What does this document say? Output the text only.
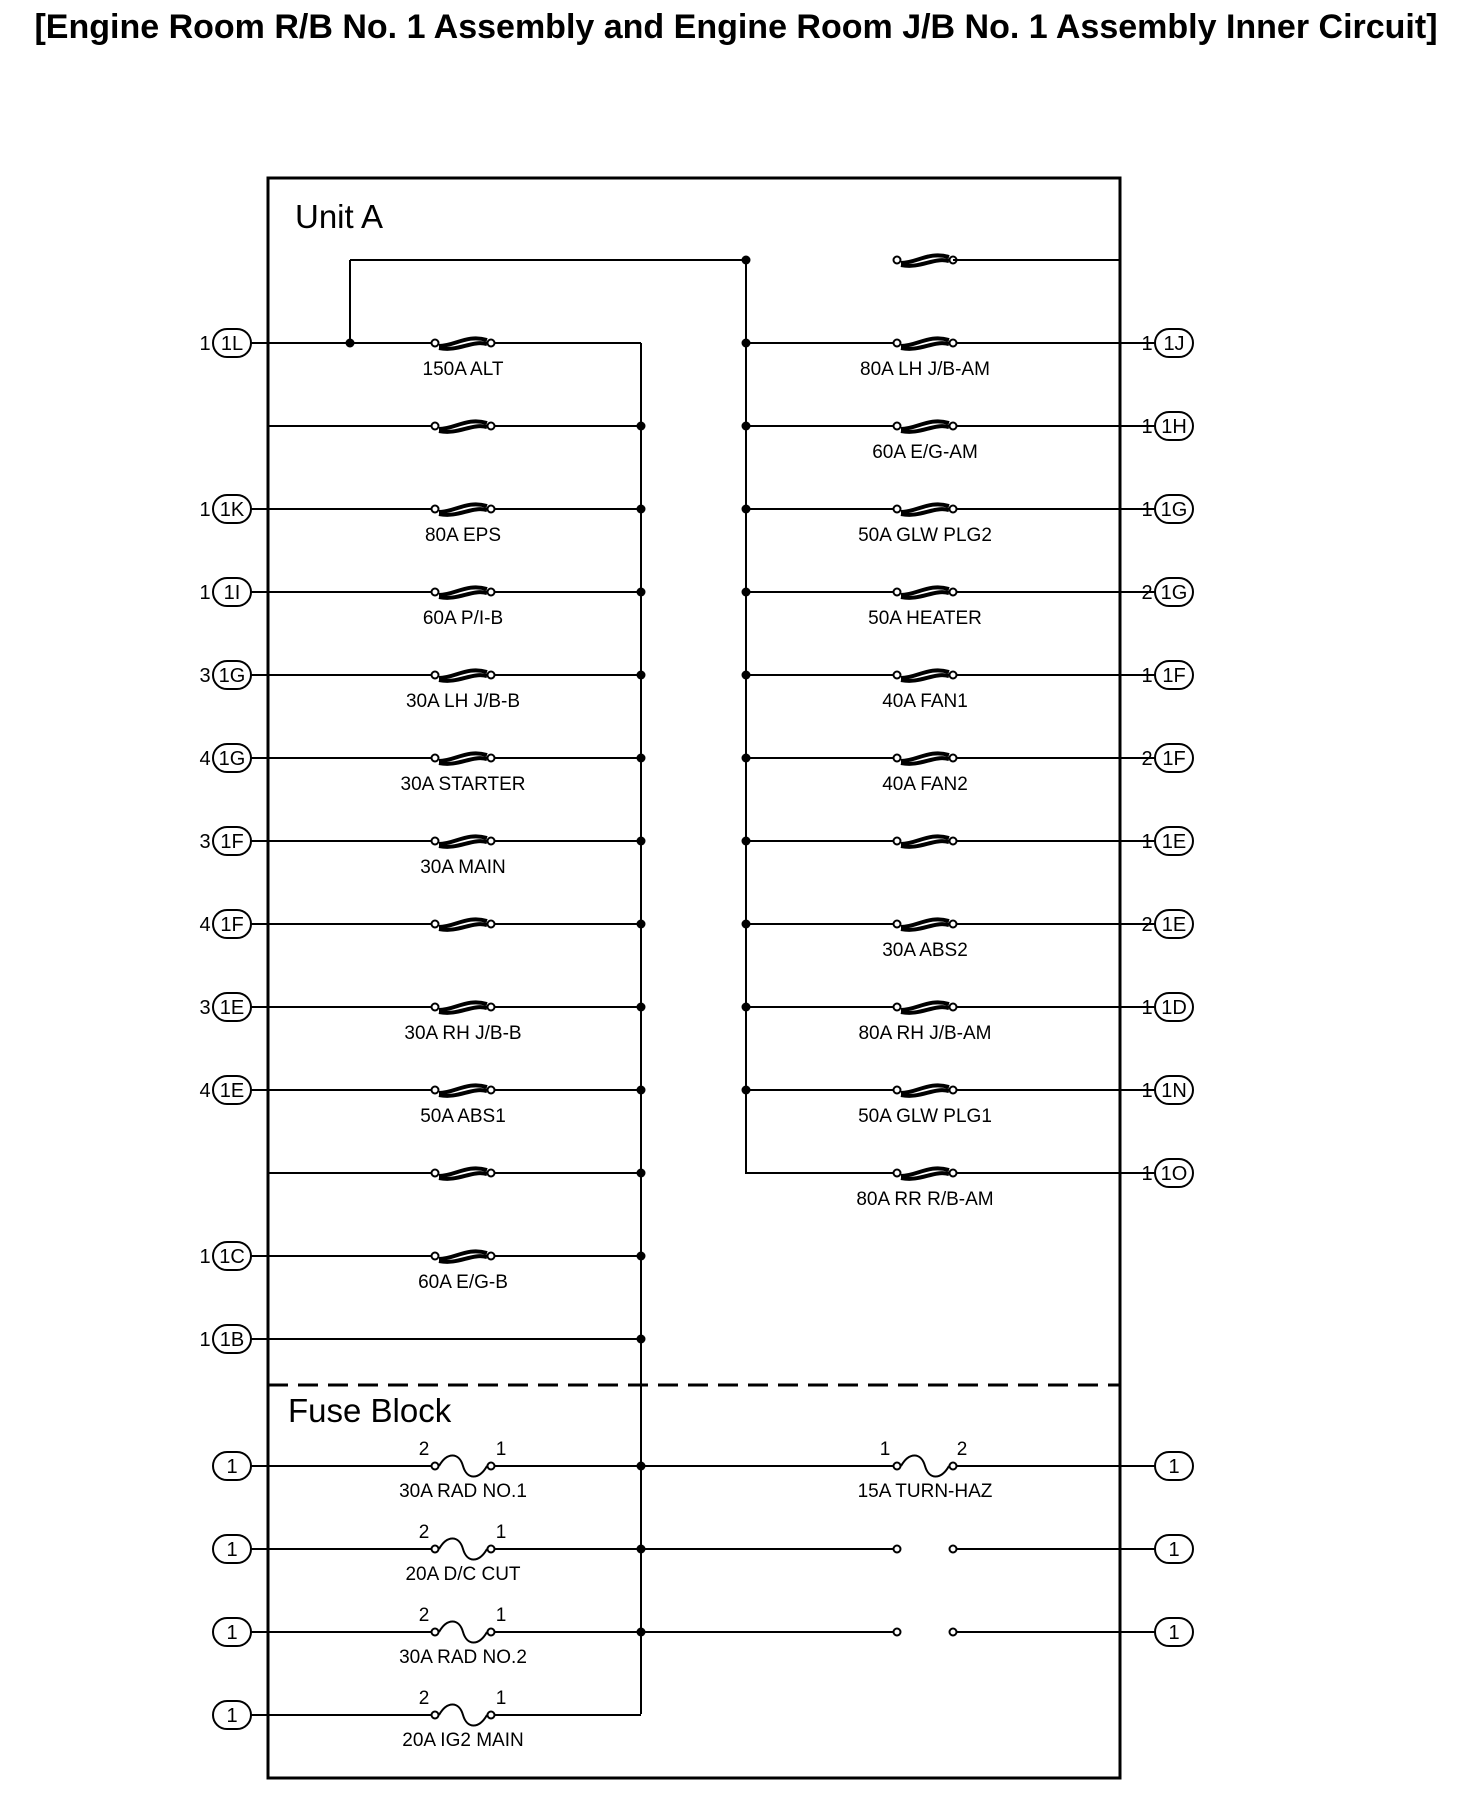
[Engine Room R/B No. 1 Assembly and Engine Room J/B No. 1 Assembly Inner Circuit]
Unit A
Fuse Block
150A ALT
1L
1
80A EPS
1K
1
60A P/I-B
1I
1
30A LH J/B-B
1G
3
30A STARTER
1G
4
30A MAIN
1F
3
1F
4
30A RH J/B-B
1E
3
50A ABS1
1E
4
60A E/G-B
1C
1
1B
1
80A LH J/B-AM
1J
1
60A E/G-AM
1H
1
50A GLW PLG2
1G
1
50A HEATER
1G
2
40A FAN1
1F
1
40A FAN2
1F
2
1E
1
30A ABS2
1E
2
80A RH J/B-AM
1D
1
50A GLW PLG1
1N
1
80A RR R/B-AM
1O
1
30A RAD NO.1
2	1
1
20A D/C CUT
2	1
1
30A RAD NO.2
2	1
1
20A IG2 MAIN
2	1
1
15A TURN-HAZ
1	2
1
1
1
